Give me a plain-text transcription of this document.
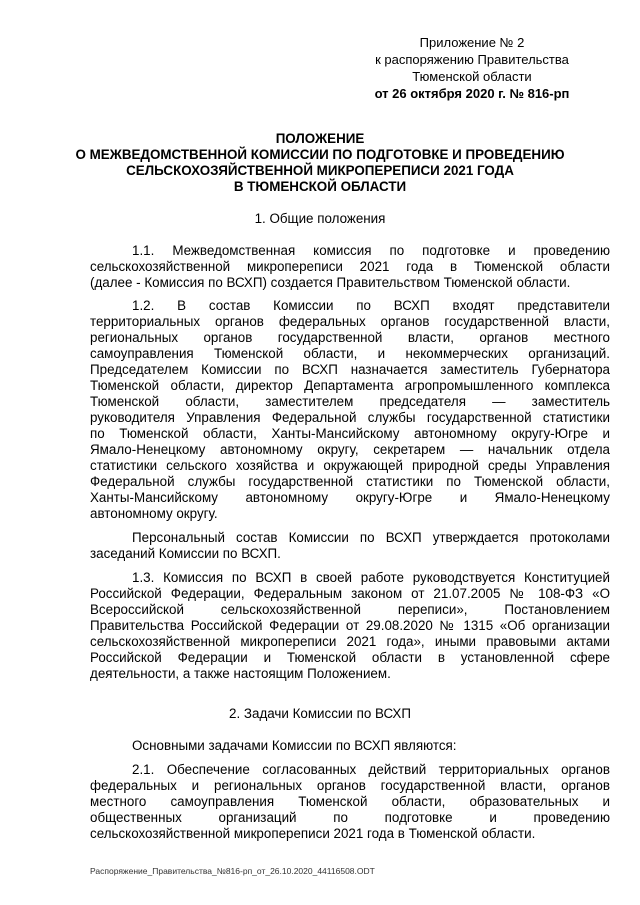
Приложение № 2
к распоряжению Правительства
Тюменской области
от 26 октября 2020 г. № 816-рп
ПОЛОЖЕНИЕ
О МЕЖВЕДОМСТВЕННОЙ КОМИССИИ ПО ПОДГОТОВКЕ И ПРОВЕДЕНИЮ
СЕЛЬСКОХОЗЯЙСТВЕННОЙ МИКРОПЕРЕПИСИ 2021 ГОДА
В ТЮМЕНСКОЙ ОБЛАСТИ
1. Общие положения
1.1. Межведомственная комиссия по подготовке и проведению
сельскохозяйственной микропереписи 2021 года в Тюменской области
(далее - Комиссия по ВСХП) создается Правительством Тюменской области.
1.2. В состав Комиссии по ВСХП входят представители
территориальных органов федеральных органов государственной власти,
региональных органов государственной власти, органов местного
самоуправления Тюменской области, и некоммерческих организаций.
Председателем Комиссии по ВСХП назначается заместитель Губернатора
Тюменской области, директор Департамента агропромышленного комплекса
Тюменской области, заместителем председателя — заместитель
руководителя Управления Федеральной службы государственной статистики
по Тюменской области, Ханты-Мансийскому автономному округу-Югре и
Ямало-Ненецкому автономному округу, секретарем — начальник отдела
статистики сельского хозяйства и окружающей природной среды Управления
Федеральной службы государственной статистики по Тюменской области,
Ханты-Мансийскому автономному округу-Югре и Ямало-Ненецкому
автономному округу.
Персональный состав Комиссии по ВСХП утверждается протоколами
заседаний Комиссии по ВСХП.
1.3. Комиссия по ВСХП в своей работе руководствуется Конституцией
Российской Федерации, Федеральным законом от 21.07.2005 № 108-ФЗ «О
Всероссийской сельскохозяйственной переписи», Постановлением
Правительства Российской Федерации от 29.08.2020 № 1315 «Об организации
сельскохозяйственной микропереписи 2021 года», иными правовыми актами
Российской Федерации и Тюменской области в установленной сфере
деятельности, а также настоящим Положением.
2. Задачи Комиссии по ВСХП
Основными задачами Комиссии по ВСХП являются:
2.1. Обеспечение согласованных действий территориальных органов
федеральных и региональных органов государственной власти, органов
местного самоуправления Тюменской области, образовательных и
общественных организаций по подготовке и проведению
сельскохозяйственной микропереписи 2021 года в Тюменской области.
Распоряжение_Правительства_№816-рп_от_26.10.2020_44116508.ODT
